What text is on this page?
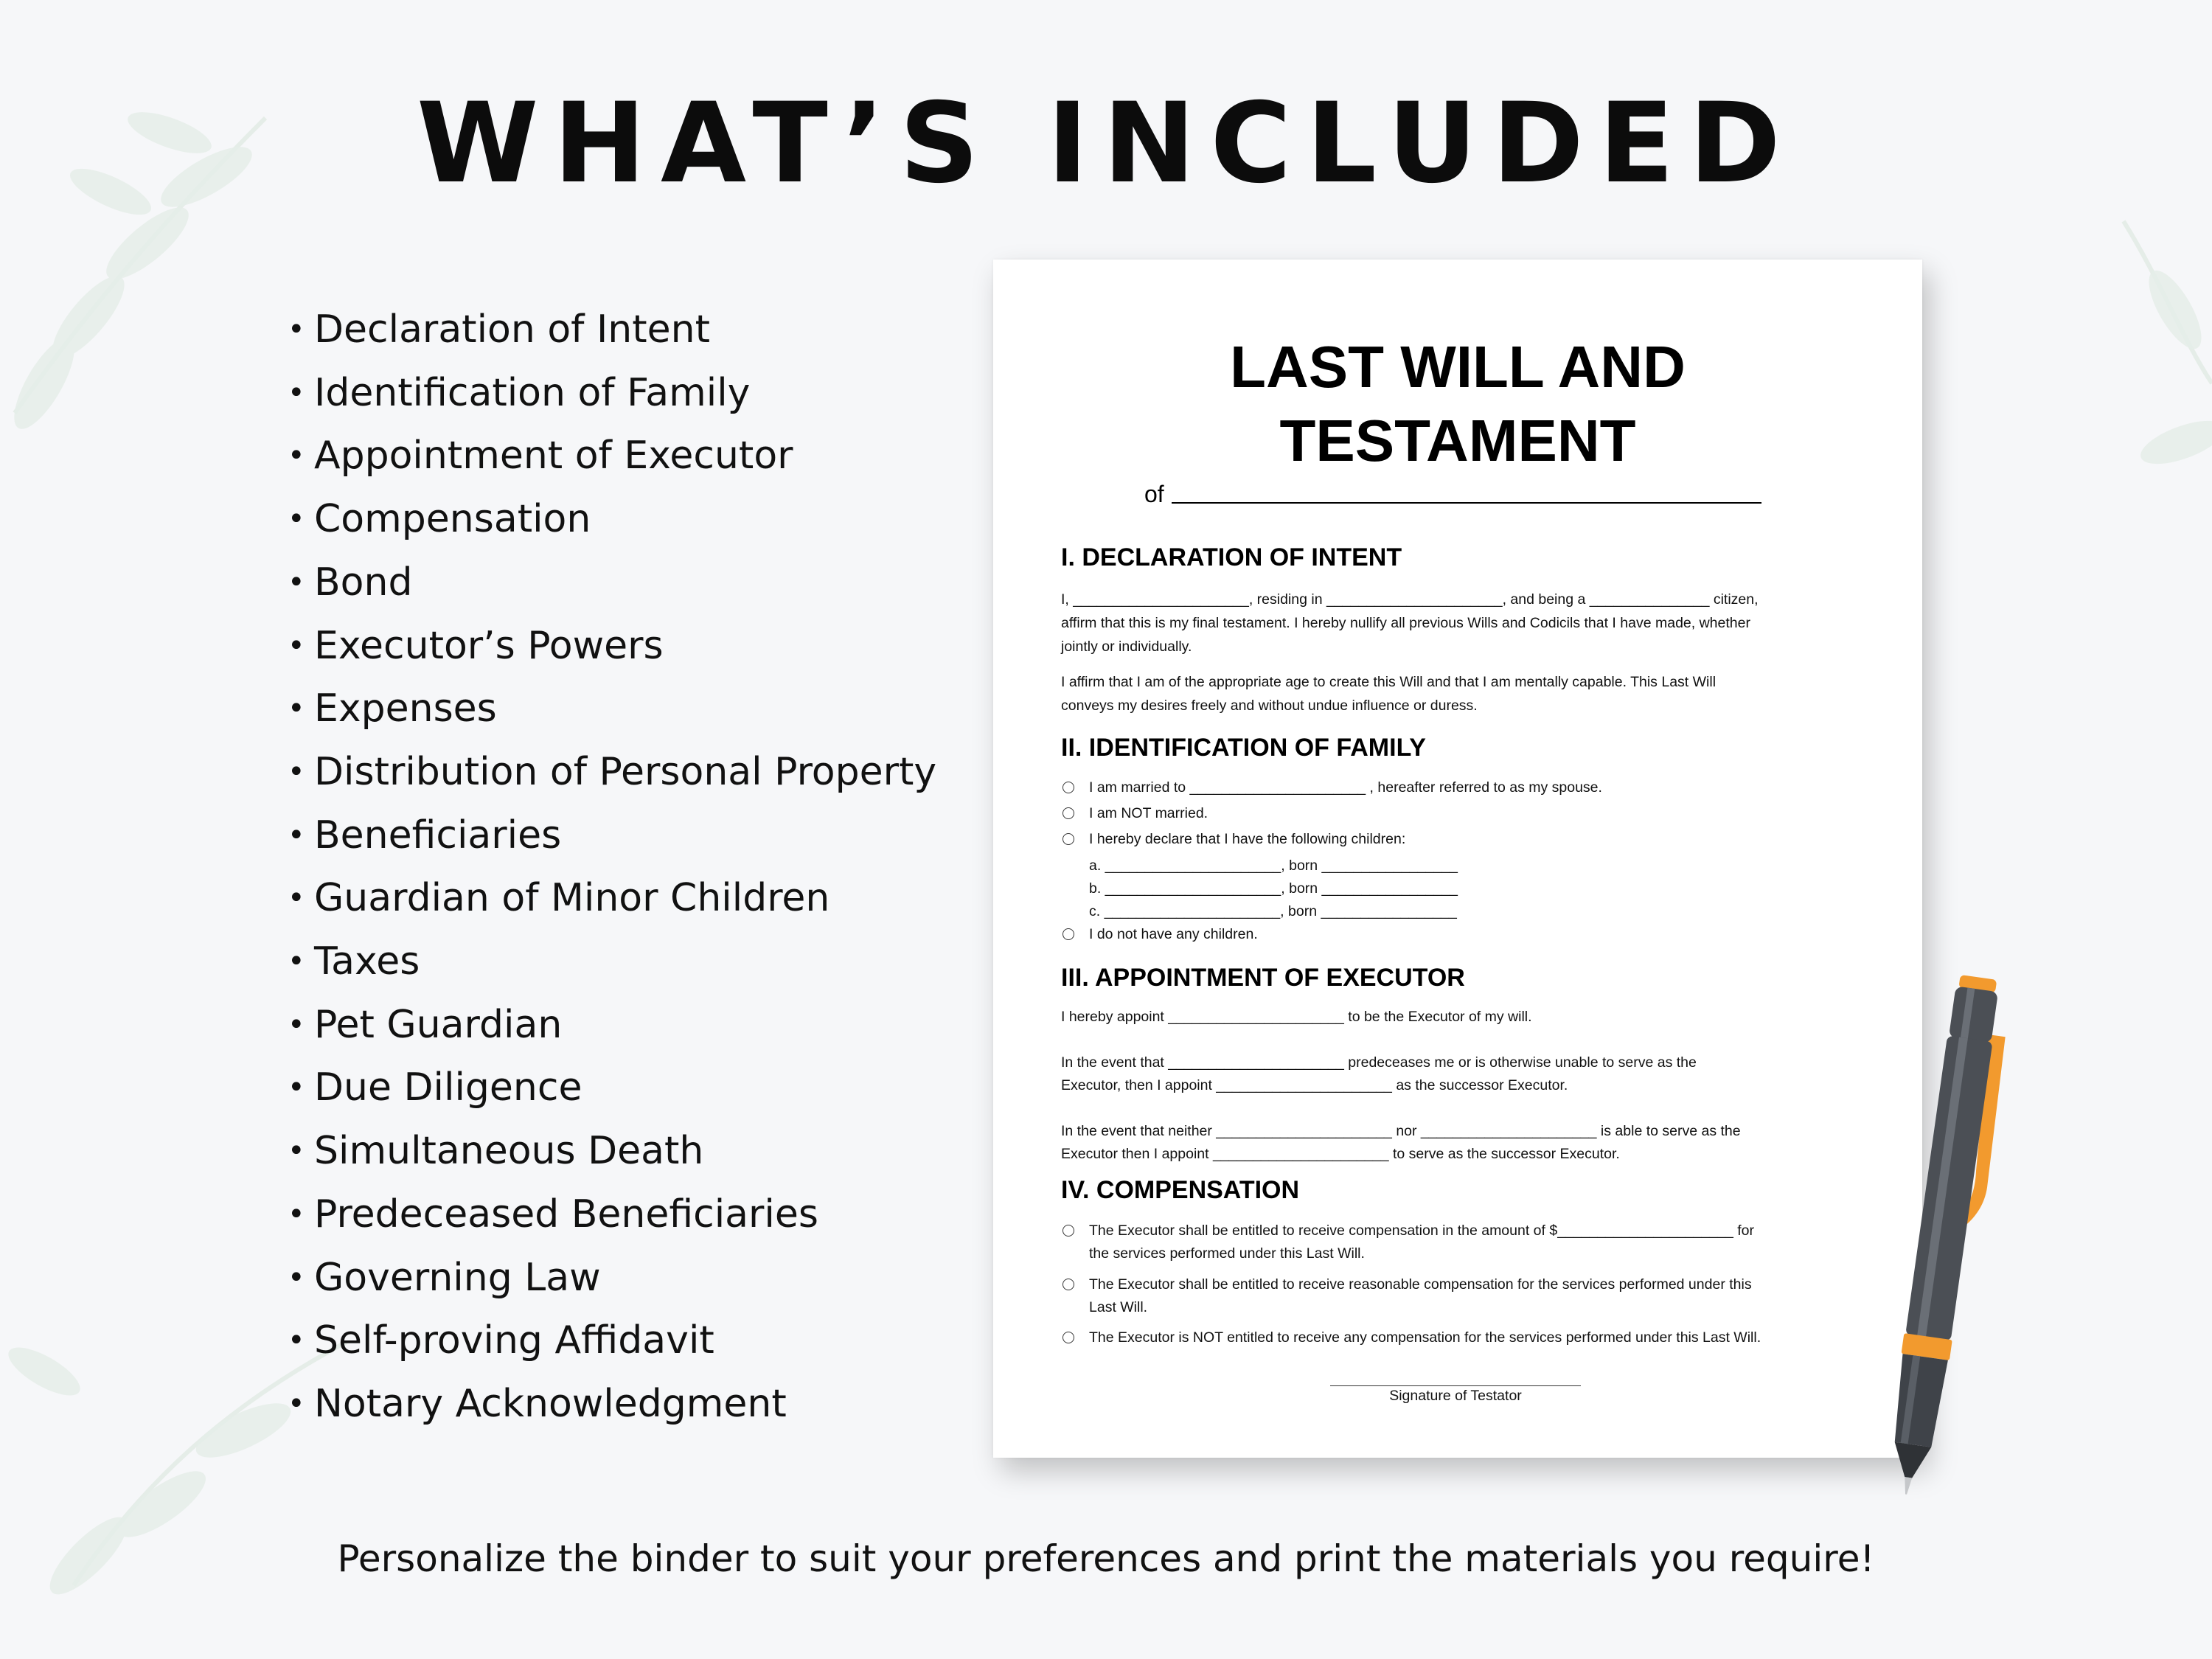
WHAT’S INCLUDED
• Declaration of Intent
• Identification of Family
• Appointment of Executor
• Compensation
• Bond
• Executor’s Powers
• Expenses
• Distribution of Personal Property
• Beneficiaries
• Guardian of Minor Children
• Taxes
• Pet Guardian
• Due Diligence
• Simultaneous Death
• Predeceased Beneficiaries
• Governing Law
• Self-proving Affidavit
• Notary Acknowledgment
LAST WILL AND
TESTAMENT
of
I. DECLARATION OF INTENT
I, ______________________, residing in ______________________, and being a _______________ citizen,
affirm that this is my final testament. I hereby nullify all previous Wills and Codicils that I have made, whether
jointly or individually.
I affirm that I am of the appropriate age to create this Will and that I am mentally capable. This Last Will
conveys my desires freely and without undue influence or duress.
II. IDENTIFICATION OF FAMILY
I am married to ______________________ , hereafter referred to as my spouse.
I am NOT married.
I hereby declare that I have the following children:
a. ______________________, born _________________
b. ______________________, born _________________
c. ______________________, born _________________
I do not have any children.
III. APPOINTMENT OF EXECUTOR
I hereby appoint ______________________ to be the Executor of my will.
In the event that ______________________ predeceases me or is otherwise unable to serve as the
Executor, then I appoint ______________________ as the successor Executor.
In the event that neither ______________________ nor ______________________ is able to serve as the
Executor then I appoint ______________________ to serve as the successor Executor.
IV. COMPENSATION
The Executor shall be entitled to receive compensation in the amount of $______________________ for
the services performed under this Last Will.
The Executor shall be entitled to receive reasonable compensation for the services performed under this
Last Will.
The Executor is NOT entitled to receive any compensation for the services performed under this Last Will.
Signature of Testator
Personalize the binder to suit your preferences and print the materials you require!
